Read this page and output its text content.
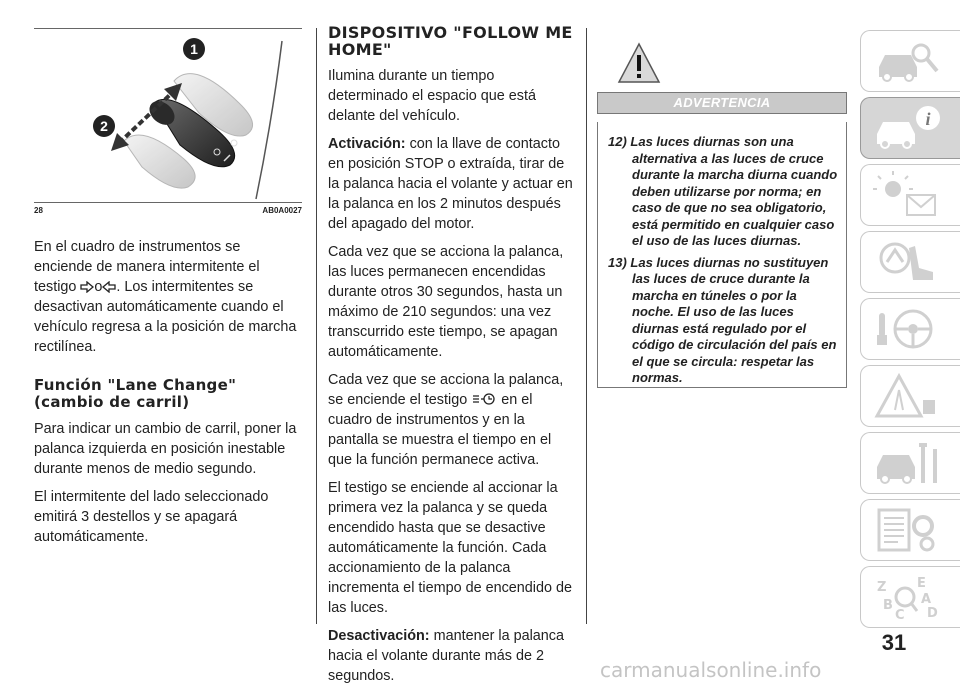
1
2
28	AB0A0027

En el cuadro de instrumentos se enciende de manera intermitente el testigo o . Los intermitentes se desactivan automáticamente cuando el vehículo regresa a la posición de marcha rectilínea.

Función "Lane Change" (cambio de carril)

Para indicar un cambio de carril, poner la palanca izquierda en posición inestable durante menos de medio segundo.

El intermitente del lado seleccionado emitirá 3 destellos y se apagará automáticamente.

DISPOSITIVO "FOLLOW ME HOME"

Ilumina durante un tiempo determinado el espacio que está delante del vehículo.

Activación: con la llave de contacto en posición STOP o extraída, tirar de la palanca hacia el volante y actuar en la palanca en los 2 minutos después del apagado del motor.

Cada vez que se acciona la palanca, las luces permanecen encendidas durante otros 30 segundos, hasta un máximo de 210 segundos: una vez transcurrido este tiempo, se apagan automáticamente.

Cada vez que se acciona la palanca, se enciende el testigo en el cuadro de instrumentos y en la pantalla se muestra el tiempo en el que la función permanece activa.

El testigo se enciende al accionar la primera vez la palanca y se queda encendido hasta que se desactive automáticamente la función. Cada accionamiento de la palanca incrementa el tiempo de encendido de las luces.

Desactivación: mantener la palanca hacia el volante durante más de 2 segundos.

ADVERTENCIA

12) Las luces diurnas son una alternativa a las luces de cruce durante la marcha diurna cuando deben utilizarse por norma; en caso de que no sea obligatorio, está permitido en cualquier caso el uso de las luces diurnas.

13) Las luces diurnas no sustituyen las luces de cruce durante la marcha en túneles o por la noche. El uso de las luces diurnas está regulado por el código de circulación del país en el que se circula: respetar las normas.

i
Z E
B A
C D
31
carmanualsonline.info
